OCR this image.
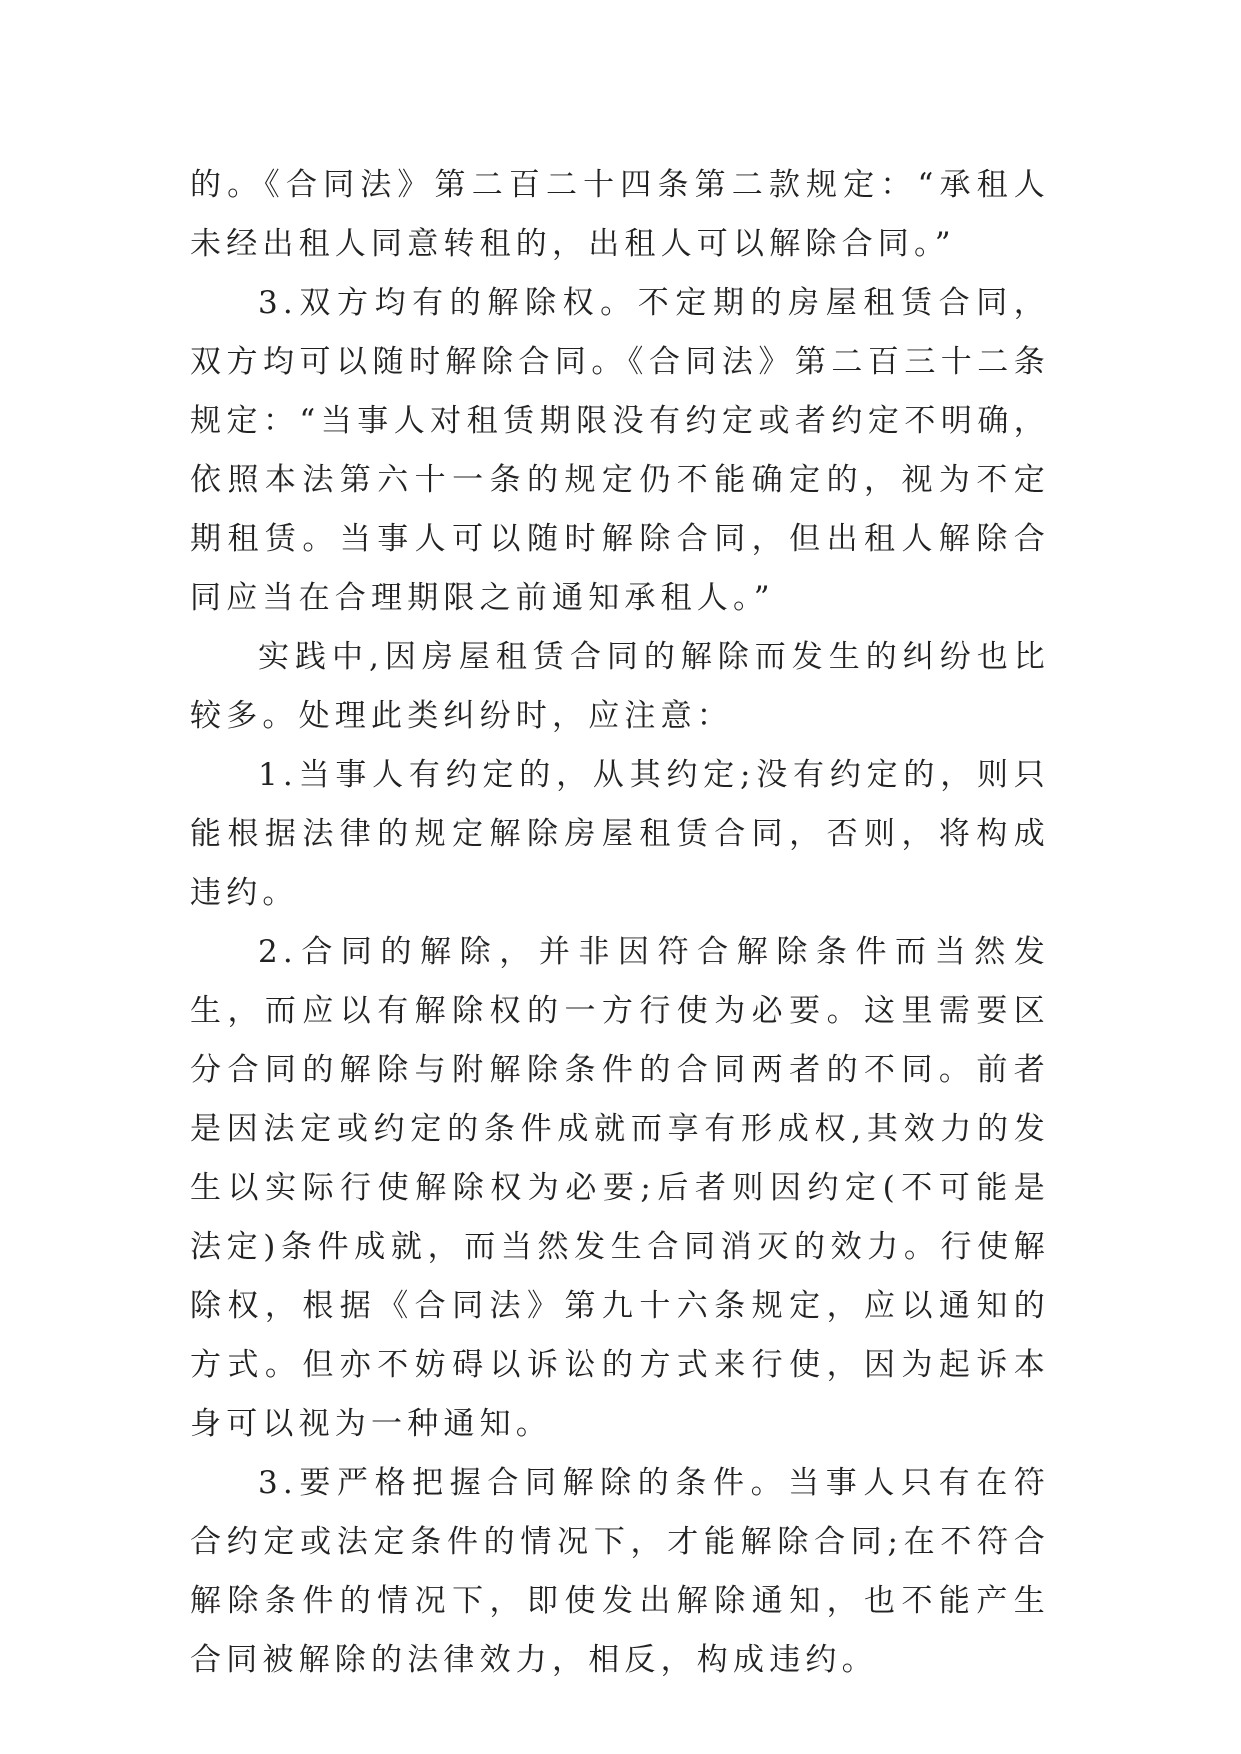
的。《合同法》第二百二十四条第二款规定：“承租人未经出租人同意转租的，出租人可以解除合同。”

3.双方均有的解除权。不定期的房屋租赁合同，双方均可以随时解除合同。《合同法》第二百三十二条规定：“当事人对租赁期限没有约定或者约定不明确，依照本法第六十一条的规定仍不能确定的，视为不定期租赁。当事人可以随时解除合同，但出租人解除合同应当在合理期限之前通知承租人。”

实践中,因房屋租赁合同的解除而发生的纠纷也比较多。处理此类纠纷时，应注意：

1.当事人有约定的，从其约定;没有约定的，则只能根据法律的规定解除房屋租赁合同，否则，将构成违约。

2.合同的解除，并非因符合解除条件而当然发生，而应以有解除权的一方行使为必要。这里需要区分合同的解除与附解除条件的合同两者的不同。前者是因法定或约定的条件成就而享有形成权,其效力的发生以实际行使解除权为必要;后者则因约定(不可能是法定)条件成就，而当然发生合同消灭的效力。行使解除权，根据《合同法》第九十六条规定，应以通知的方式。但亦不妨碍以诉讼的方式来行使，因为起诉本身可以视为一种通知。

3.要严格把握合同解除的条件。当事人只有在符合约定或法定条件的情况下，才能解除合同;在不符合解除条件的情况下，即使发出解除通知，也不能产生合同被解除的法律效力，相反，构成违约。
